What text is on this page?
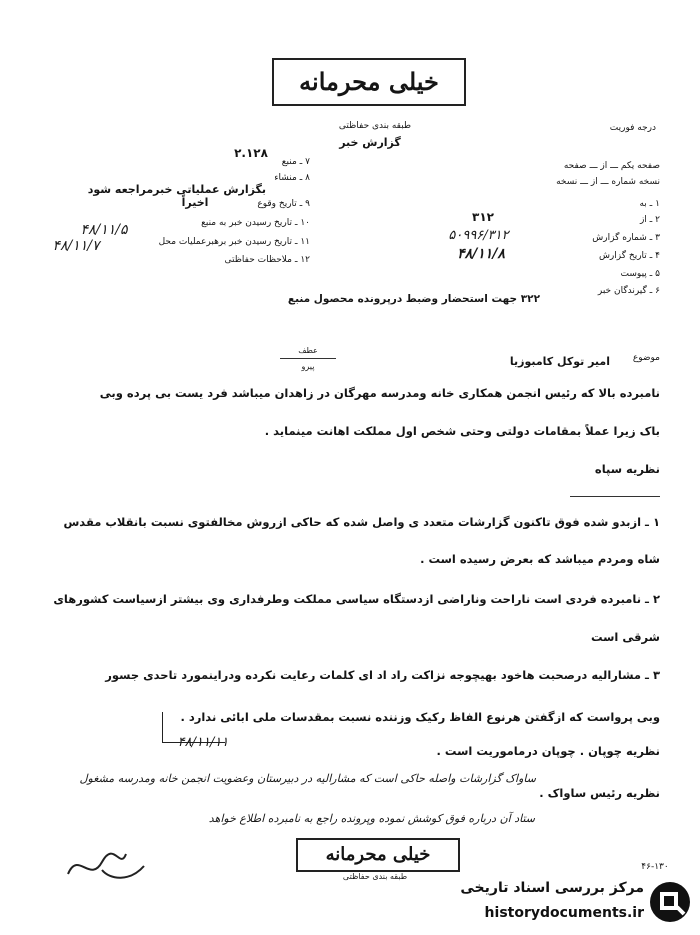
خیلی محرمانه
طبقه بندی حفاظتی
گزارش خبر
درجه فوریت
صفحه یکم ـــ از ـــ صفحه
نسخه شماره ـــ از ـــ نسخه
۱ ـ به
۲ ـ از
۳۱۲
۳ ـ شماره گزارش
۵۰۹۹۶/۳۱۲
۴ ـ تاریخ گزارش
۴۸/۱۱/۸
۵ ـ پیوست
۶ ـ گیرندگان خبر
۳۲۲ جهت استحضار وضبط درپرونده محصول منبع
۷ ـ منبع
۲.۱۲۸
۸ ـ منشاء
بگزارش عملیاتی خبرمراجعه شود
۹ ـ تاریخ وقوع
اخیراً
۱۰ ـ تاریخ رسیدن خبر به منبع
۴۸/۱۱/۵
۱۱ ـ تاریخ رسیدن خبر برهبرعملیات محل
۴۸/۱۱/۷
۱۲ ـ ملاحظات حفاظتی
عطف
پیرو
موضوع
امیر توکل کامبوزیا
نامبرده بالا که رئیس انجمن همکاری خانه ومدرسه مهرگان در زاهدان میباشد فرد یست بی پرده وبی
باک زیرا عملاً بمقامات دولتی وحتی شخص اول مملکت اهانت مینماید .
نظریه سپاه
۱ ـ ازبدو شده فوق تاکنون گزارشات متعدد ی واصل شده که حاکی ازروش مخالفتوی نسبت بانقلاب مقدس
شاه ومردم میباشد که بعرض رسیده است .
۲ ـ نامبرده فردی است ناراحت وناراضی ازدستگاه سیاسی مملکت وطرفداری وی بیشتر ازسیاست کشورهای
شرقی است
۳ ـ مشارالیه درصحبت هاخود بهیچوجه نزاکت راد اد ای کلمات رعایت نکرده ودراینمورد تاحدی جسور
وبی پرواست که ازگفتن هرنوع الفاظ رکیک وزننده نسبت بمقدسات ملی ابائی ندارد .
۴۸/۱۱/۱۱
نظریه چوپان . چوپان درماموریت است .
نظریه رئیس ساواک .
ساواک گزارشات واصله حاکی است که مشارالیه در دبیرستان وعضویت انجمن خانه ومدرسه مشغول
ستاد آن درباره فوق کوشش نموده وپرونده راجع به نامبرده اطلاع خواهد
خیلی محرمانه
طبقه بندی حفاظتی
۴۶-۱۳۰
مرکز بررسی اسناد تاریخی
historydocuments.ir
